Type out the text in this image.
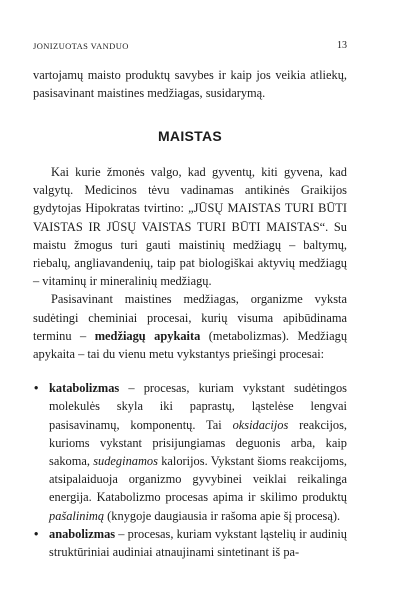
JONIZUOTAS VANDUO	13

vartojamų maisto produktų savybes ir kaip jos veikia atliekų, pasisavinant maistines medžiagas, susidarymą.

MAISTAS

Kai kurie žmonės valgo, kad gyventų, kiti gyvena, kad valgytų. Medicinos tėvu vadinamas antikinės Graikijos gydytojas Hipokratas tvirtino: „JŪSŲ MAISTAS TURI BŪTI VAISTAS IR JŪSŲ VAISTAS TURI BŪTI MAISTAS“. Su maistu žmogus turi gauti maistinių medžiagų – baltymų, riebalų, angliavandenių, taip pat biologiškai aktyvių medžiagų – vitaminų ir mineralinių medžiagų.

Pasisavinant maistines medžiagas, organizme vyksta sudėtingi cheminiai procesai, kurių visuma apibūdinama terminu – medžiagų apykaita (metabolizmas). Medžiagų apykaita – tai du vienu metu vykstantys priešingi procesai:

• katabolizmas – procesas, kuriam vykstant sudėtingos molekulės skyla iki paprastų, ląstelėse lengvai pasisavinamų, komponentų. Tai oksidacijos reakcijos, kurioms vykstant prisijungiamas deguonis arba, kaip sakoma, sudeginamos kalorijos. Vykstant šioms reakcijoms, atsipalaiduoja organizmo gyvybinei veiklai reikalinga energija. Katabolizmo procesas apima ir skilimo produktų pašalinimą (knygoje daugiausia ir rašoma apie šį procesą).
• anabolizmas – procesas, kuriam vykstant ląstelių ir audinių struktūriniai audiniai atnaujinami sintetinant iš pa-
